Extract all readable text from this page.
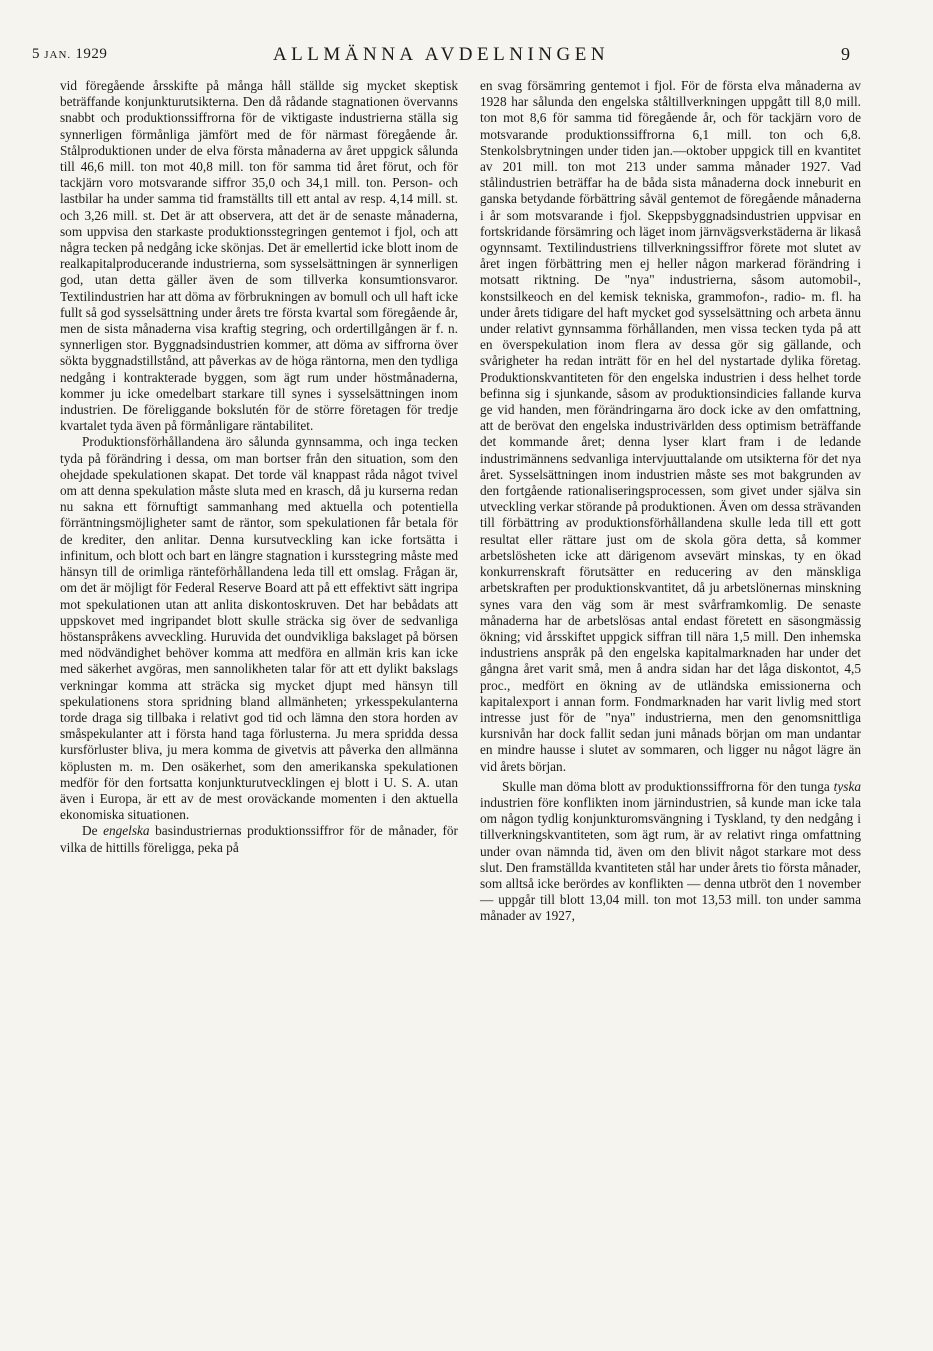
5 JAN. 1929	ALLMÄNNA AVDELNINGEN	9

vid föregående årsskifte på många håll ställde sig mycket skeptisk beträffande konjunkturutsikterna. Den då rådande stagnationen övervanns snabbt och produktionssiffrorna för de viktigaste industrierna ställa sig synnerligen förmånliga jämfört med de för närmast föregående år. Stålproduktionen under de elva första månaderna av året uppgick sålunda till 46,6 mill. ton mot 40,8 mill. ton för samma tid året förut, och för tackjärn voro motsvarande siffror 35,0 och 34,1 mill. ton. Person- och lastbilar ha under samma tid framställts till ett antal av resp. 4,14 mill. st. och 3,26 mill. st. Det är att observera, att det är de senaste månaderna, som uppvisa den starkaste produktionsstegringen gentemot i fjol, och att några tecken på nedgång icke skönjas. Det är emellertid icke blott inom de realkapitalproducerande industrierna, som sysselsättningen är synnerligen god, utan detta gäller även de som tillverka konsumtionsvaror. Textilindustrien har att döma av förbrukningen av bomull och ull haft icke fullt så god sysselsättning under årets tre första kvartal som föregående år, men de sista månaderna visa kraftig stegring, och ordertillgången är f. n. synnerligen stor. Byggnadsindustrien kommer, att döma av siffrorna över sökta byggnadstillstånd, att påverkas av de höga räntorna, men den tydliga nedgång i kontrakterade byggen, som ägt rum under höstmånaderna, kommer ju icke omedelbart starkare till synes i sysselsättningen inom industrien. De föreliggande bokslutén för de större företagen för tredje kvartalet tyda även på förmånligare räntabilitet.

Produktionsförhållandena äro sålunda gynnsamma, och inga tecken tyda på förändring i dessa, om man bortser från den situation, som den ohejdade spekulationen skapat. Det torde väl knappast råda något tvivel om att denna spekulation måste sluta med en krasch, då ju kurserna redan nu sakna ett förnuftigt sammanhang med aktuella och potentiella förräntningsmöjligheter samt de räntor, som spekulationen får betala för de krediter, den anlitar. Denna kursutveckling kan icke fortsätta i infinitum, och blott och bart en längre stagnation i kursstegring måste med hänsyn till de orimliga ränteförhållandena leda till ett omslag. Frågan är, om det är möjligt för Federal Reserve Board att på ett effektivt sätt ingripa mot spekulationen utan att anlita diskontoskruven. Det har bebådats att uppskovet med ingripandet blott skulle sträcka sig över de sedvanliga höstanspråkens avveckling. Huruvida det oundvikliga bakslaget på börsen med nödvändighet behöver komma att medföra en allmän kris kan icke med säkerhet avgöras, men sannolikheten talar för att ett dylikt bakslags verkningar komma att sträcka sig mycket djupt med hänsyn till spekulationens stora spridning bland allmänheten; yrkesspekulanterna torde draga sig tillbaka i relativt god tid och lämna den stora horden av småspekulanter att i första hand taga förlusterna. Ju mera spridda dessa kursförluster bliva, ju mera komma de givetvis att påverka den allmänna köplusten m. m. Den osäkerhet, som den amerikanska spekulationen medför för den fortsatta konjunkturutvecklingen ej blott i U. S. A. utan även i Europa, är ett av de mest oroväckande momenten i den aktuella ekonomiska situationen.

De engelska basindustriernas produktionssiffror för de månader, för vilka de hittills föreligga, peka på

en svag försämring gentemot i fjol. För de första elva månaderna av 1928 har sålunda den engelska ståltillverkningen uppgått till 8,0 mill. ton mot 8,6 för samma tid föregående år, och för tackjärn voro de motsvarande produktionssiffrorna 6,1 mill. ton och 6,8. Stenkolsbrytningen under tiden jan.—oktober uppgick till en kvantitet av 201 mill. ton mot 213 under samma månader 1927. Vad stålindustrien beträffar ha de båda sista månaderna dock inneburit en ganska betydande förbättring såväl gentemot de föregående månaderna i år som motsvarande i fjol. Skeppsbyggnadsindustrien uppvisar en fortskridande försämring och läget inom järnvägsverkstäderna är likaså ogynnsamt. Textilindustriens tillverkningssiffror förete mot slutet av året ingen förbättring men ej heller någon markerad förändring i motsatt riktning. De "nya" industrierna, såsom automobil-, konstsilkeoch en del kemisk tekniska, grammofon-, radio- m. fl. ha under årets tidigare del haft mycket god sysselsättning och arbeta ännu under relativt gynnsamma förhållanden, men vissa tecken tyda på att en överspekulation inom flera av dessa gör sig gällande, och svårigheter ha redan inträtt för en hel del nystartade dylika företag. Produktionskvantiteten för den engelska industrien i dess helhet torde befinna sig i sjunkande, såsom av produktionsindicies fallande kurva ge vid handen, men förändringarna äro dock icke av den omfattning, att de berövat den engelska industrivärlden dess optimism beträffande det kommande året; denna lyser klart fram i de ledande industrimännens sedvanliga intervjuuttalande om utsikterna för det nya året. Sysselsättningen inom industrien måste ses mot bakgrunden av den fortgående rationaliseringsprocessen, som givet under själva sin utveckling verkar störande på produktionen. Även om dessa strävanden till förbättring av produktionsförhållandena skulle leda till ett gott resultat eller rättare just om de skola göra detta, så kommer arbetslösheten icke att därigenom avsevärt minskas, ty en ökad konkurrenskraft förutsätter en reducering av den mänskliga arbetskraften per produktionskvantitet, då ju arbetslönernas minskning synes vara den väg som är mest svårframkomlig. De senaste månaderna har de arbetslösas antal endast företett en säsongmässig ökning; vid årsskiftet uppgick siffran till nära 1,5 mill. Den inhemska industriens anspråk på den engelska kapitalmarknaden har under det gångna året varit små, men å andra sidan har det låga diskontot, 4,5 proc., medfört en ökning av de utländska emissionerna och kapitalexport i annan form. Fondmarknaden har varit livlig med stort intresse just för de "nya" industrierna, men den genomsnittliga kursnivån har dock fallit sedan juni månads början om man undantar en mindre hausse i slutet av sommaren, och ligger nu något lägre än vid årets början.

Skulle man döma blott av produktionssiffrorna för den tunga tyska industrien före konflikten inom järnindustrien, så kunde man icke tala om någon tydlig konjunkturomsvängning i Tyskland, ty den nedgång i tillverkningskvantiteten, som ägt rum, är av relativt ringa omfattning under ovan nämnda tid, även om den blivit något starkare mot dess slut. Den framställda kvantiteten stål har under årets tio första månader, som alltså icke berördes av konflikten — denna utbröt den 1 november — uppgår till blott 13,04 mill. ton mot 13,53 mill. ton under samma månader av 1927,
